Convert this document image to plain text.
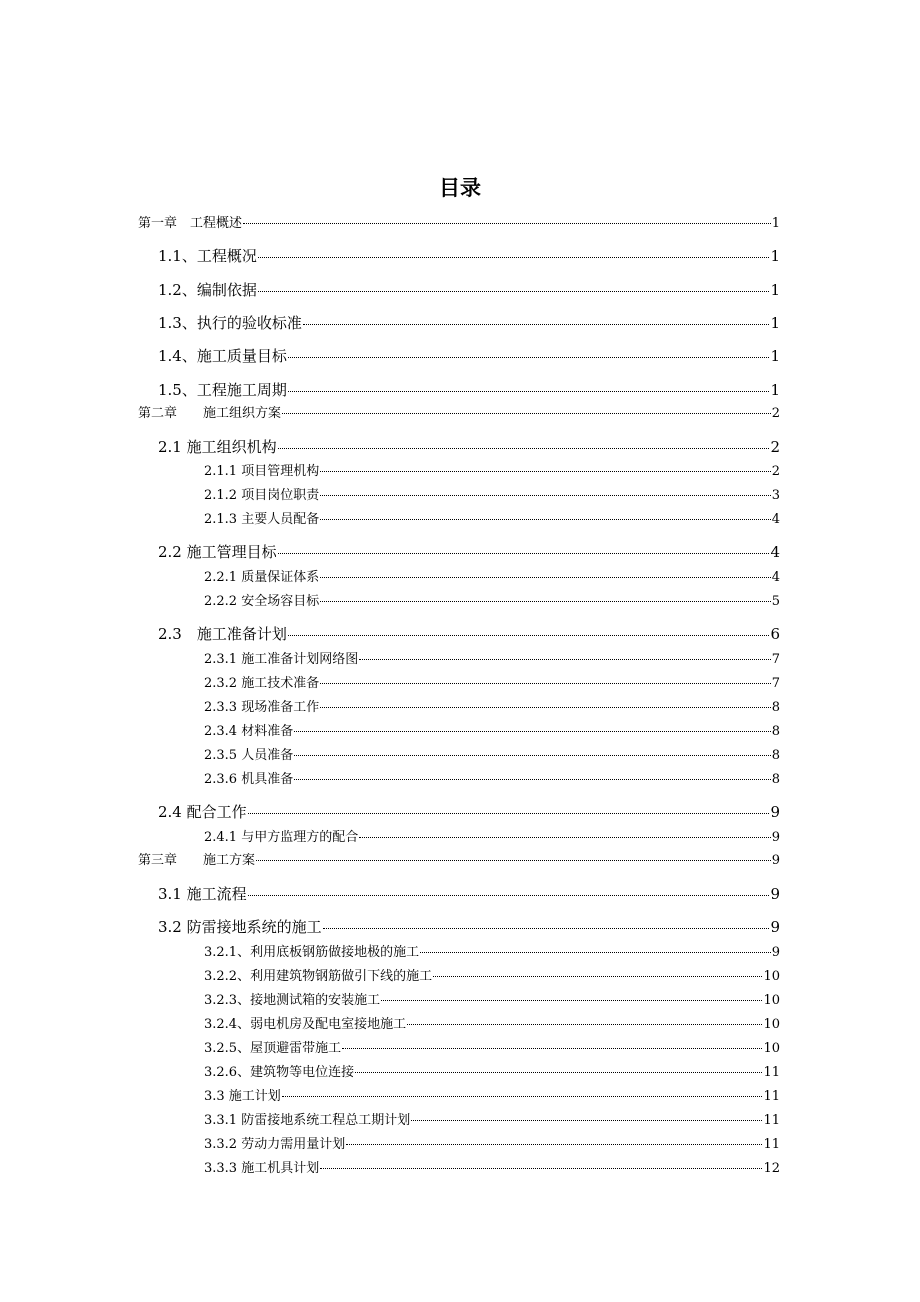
目录
第一章　工程概述	1
1.1、工程概况	1
1.2、编制依据	1
1.3、执行的验收标准	1
1.4、施工质量目标	1
1.5、工程施工周期	1
第二章　　施工组织方案	2
2.1 施工组织机构	2
2.1.1 项目管理机构	2
2.1.2 项目岗位职责	3
2.1.3 主要人员配备	4
2.2 施工管理目标	4
2.2.1 质量保证体系	4
2.2.2 安全场容目标	5
2.3　施工准备计划	6
2.3.1 施工准备计划网络图	7
2.3.2 施工技术准备	7
2.3.3 现场准备工作	8
2.3.4 材料准备	8
2.3.5 人员准备	8
2.3.6 机具准备	8
2.4 配合工作	9
2.4.1 与甲方监理方的配合	9
第三章　　施工方案	9
3.1 施工流程	9
3.2 防雷接地系统的施工	9
3.2.1、利用底板钢筋做接地极的施工	9
3.2.2、利用建筑物钢筋做引下线的施工	10
3.2.3、接地测试箱的安装施工	10
3.2.4、弱电机房及配电室接地施工	10
3.2.5、屋顶避雷带施工	10
3.2.6、建筑物等电位连接	11
3.3 施工计划	11
3.3.1 防雷接地系统工程总工期计划	11
3.3.2 劳动力需用量计划	11
3.3.3 施工机具计划	12
